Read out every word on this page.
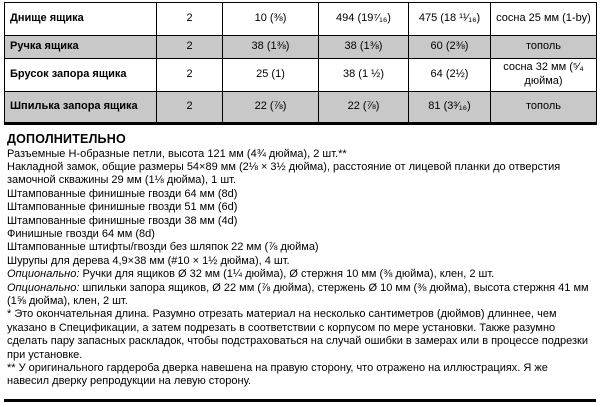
Днище ящика	2	10 (⅜)	494 (19⁷⁄₁₆)	475 (18 ¹¹⁄₁₆)	сосна 25 мм (1-by)
Ручка ящика	2	38 (1⅜)	38 (1⅜)	60 (2⅜)	тополь
Брусок запора ящика	2	25 (1)	38 (1 ½)	64 (2½)	сосна 32 мм (⁵⁄₄ дюйма)
Шпилька запора ящика	2	22 (⅞)	22 (⅞)	81 (3³⁄₁₆)	тополь
ДОПОЛНИТЕЛЬНО

Разъемные Н-образные петли, высота 121 мм (4¾ дюйма), 2 шт.**

Накладной замок, общие размеры 54×89 мм (2⅛ × 3½ дюйма), расстояние от лицевой планки до отверстия замочной скважины 29 мм (1⅛ дюйма), 1 шт.

Штампованные финишные гвозди 64 мм (8d)

Штампованные финишные гвозди 51 мм (6d)

Штампованные финишные гвозди 38 мм (4d)

Финишные гвозди 64 мм (8d)

Штампованные штифты/гвозди без шляпок 22 мм (⅞ дюйма)

Шурупы для дерева 4,9×38 мм (#10 × 1½ дюйма), 4 шт.

Опционально: Ручки для ящиков Ø 32 мм (1¼ дюйма), Ø стержня 10 мм (⅜ дюйма), клен, 2 шт.

Опционально: шпильки запора ящиков, Ø 22 мм (⅞ дюйма), стержень Ø 10 мм (⅜ дюйма), высота стержня 41 мм (1⅝ дюйма), клен, 2 шт.

* Это окончательная длина. Разумно отрезать материал на несколько сантиметров (дюймов) длиннее, чем указано в Спецификации, а затем подрезать в соответствии с корпусом по мере установки. Также разумно сделать пару запасных раскладок, чтобы подстраховаться на случай ошибки в замерах или в процессе подрезки при установке.

** У оригинального гардероба дверка навешена на правую сторону, что отражено на иллюстрациях. Я же навесил дверку репродукции на левую сторону.
